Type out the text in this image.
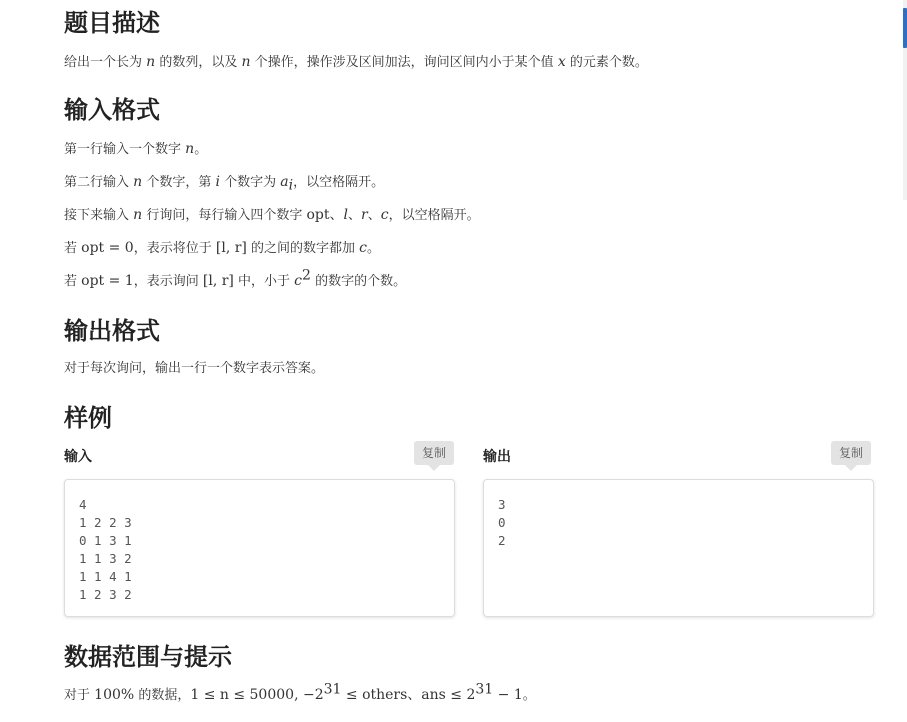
题目描述

给出一个长为 n 的数列，以及 n 个操作，操作涉及区间加法，询问区间内小于某个值 x 的元素个数。

输入格式

第一行输入一个数字 n。

第二行输入 n 个数字，第 i 个数字为 $a_i$，以空格隔开。

接下来输入 n 行询问，每行输入四个数字 opt、l、r、c，以空格隔开。

若 opt = 0，表示将位于 [l, r] 的之间的数字都加 c。

若 opt = 1，表示询问 [l, r] 中，小于 $c^2$ 的数字的个数。

输出格式

对于每次询问，输出一行一个数字表示答案。

样例
输入	复制
4
1 2 2 3
0 1 3 1
1 1 3 2
1 1 4 1
1 2 3 2
输出	复制
3
0
2
数据范围与提示

对于 100% 的数据，1 ≤ n ≤ 50000, $-2^{31}$ ≤ others、ans ≤ $2^{31} - 1$。
